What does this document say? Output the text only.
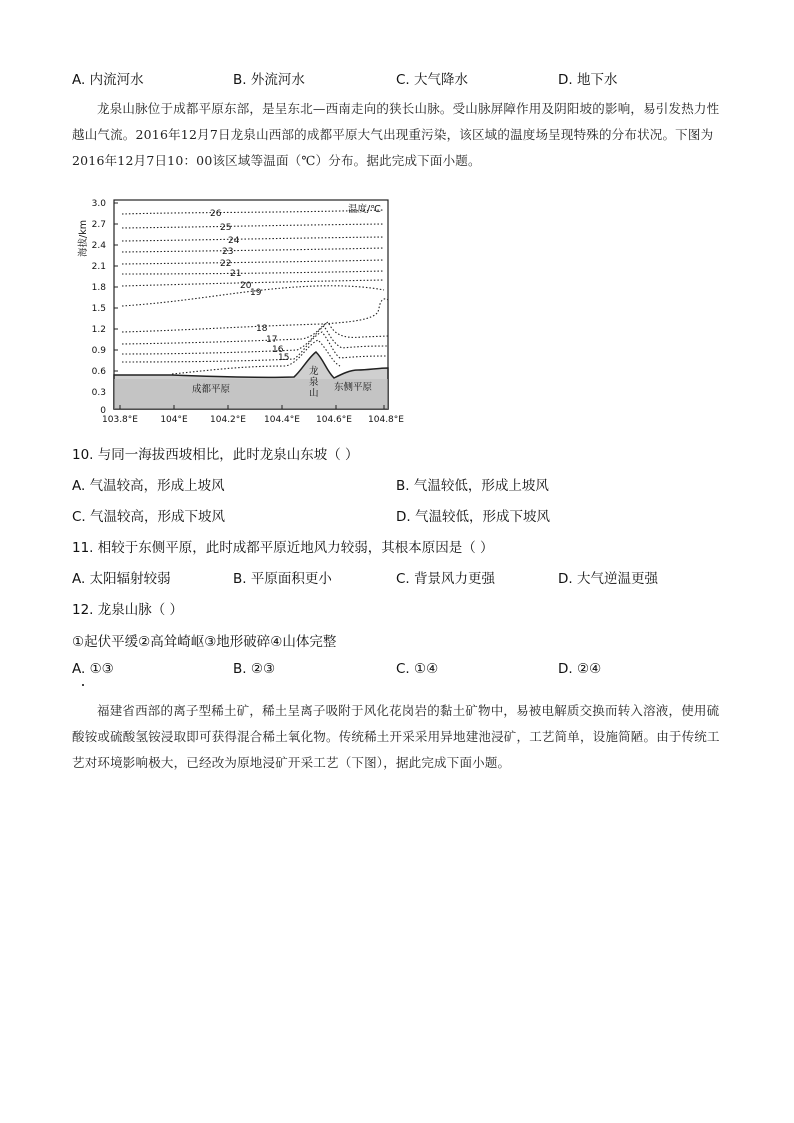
A. 内流河水	B. 外流河水	C. 大气降水	D. 地下水

龙泉山脉位于成都平原东部，是呈东北—西南走向的狭长山脉。受山脉屏障作用及阴阳坡的影响，易引发热力性越山气流。2016年12月7日龙泉山西部的成都平原大气出现重污染，该区域的温度场呈现特殊的分布状况。下图为2016年12月7日10：00该区域等温面（℃）分布。据此完成下面小题。

海拔/km
温度/℃
3.0
2.7
2.4
2.1
1.8
1.5
1.2
0.9
0.6
0.3
0
26
25
24
23
22
21
20
19
18
17
16
15
成都平原	东侧平原
龙
泉
山
103.8°E 104°E 104.2°E 104.4°E 104.6°E 104.8°E
10. 与同一海拔西坡相比，此时龙泉山东坡（ ）
A. 气温较高，形成上坡风	B. 气温较低，形成上坡风
C. 气温较高，形成下坡风	D. 气温较低，形成下坡风
11. 相较于东侧平原，此时成都平原近地风力较弱，其根本原因是（ ）
A. 太阳辐射较弱	B. 平原面积更小	C. 背景风力更强	D. 大气逆温更强
12. 龙泉山脉（ ）
①起伏平缓②高耸崎岖③地形破碎④山体完整
A. ①③	B. ②③	C. ①④	D. ②④

福建省西部的离子型稀土矿，稀土呈离子吸附于风化花岗岩的黏土矿物中，易被电解质交换而转入溶液，使用硫酸铵或硫酸氢铵浸取即可获得混合稀土氧化物。传统稀土开采采用异地建池浸矿，工艺简单，设施简陋。由于传统工艺对环境影响极大，已经改为原地浸矿开采工艺（下图），据此完成下面小题。
